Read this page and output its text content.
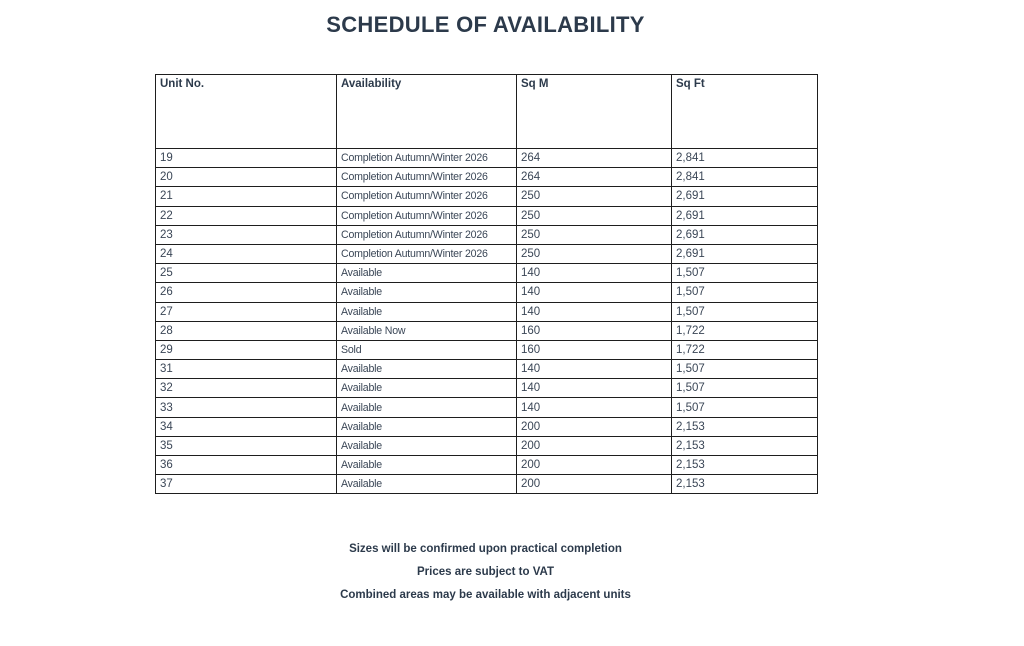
SCHEDULE OF AVAILABILITY
Unit No.	Availability	Sq M	Sq Ft
19	Completion Autumn/Winter 2026	264	2,841
20	Completion Autumn/Winter 2026	264	2,841
21	Completion Autumn/Winter 2026	250	2,691
22	Completion Autumn/Winter 2026	250	2,691
23	Completion Autumn/Winter 2026	250	2,691
24	Completion Autumn/Winter 2026	250	2,691
25	Available	140	1,507
26	Available	140	1,507
27	Available	140	1,507
28	Available Now	160	1,722
29	Sold	160	1,722
31	Available	140	1,507
32	Available	140	1,507
33	Available	140	1,507
34	Available	200	2,153
35	Available	200	2,153
36	Available	200	2,153
37	Available	200	2,153
Sizes will be confirmed upon practical completion
Prices are subject to VAT
Combined areas may be available with adjacent units
